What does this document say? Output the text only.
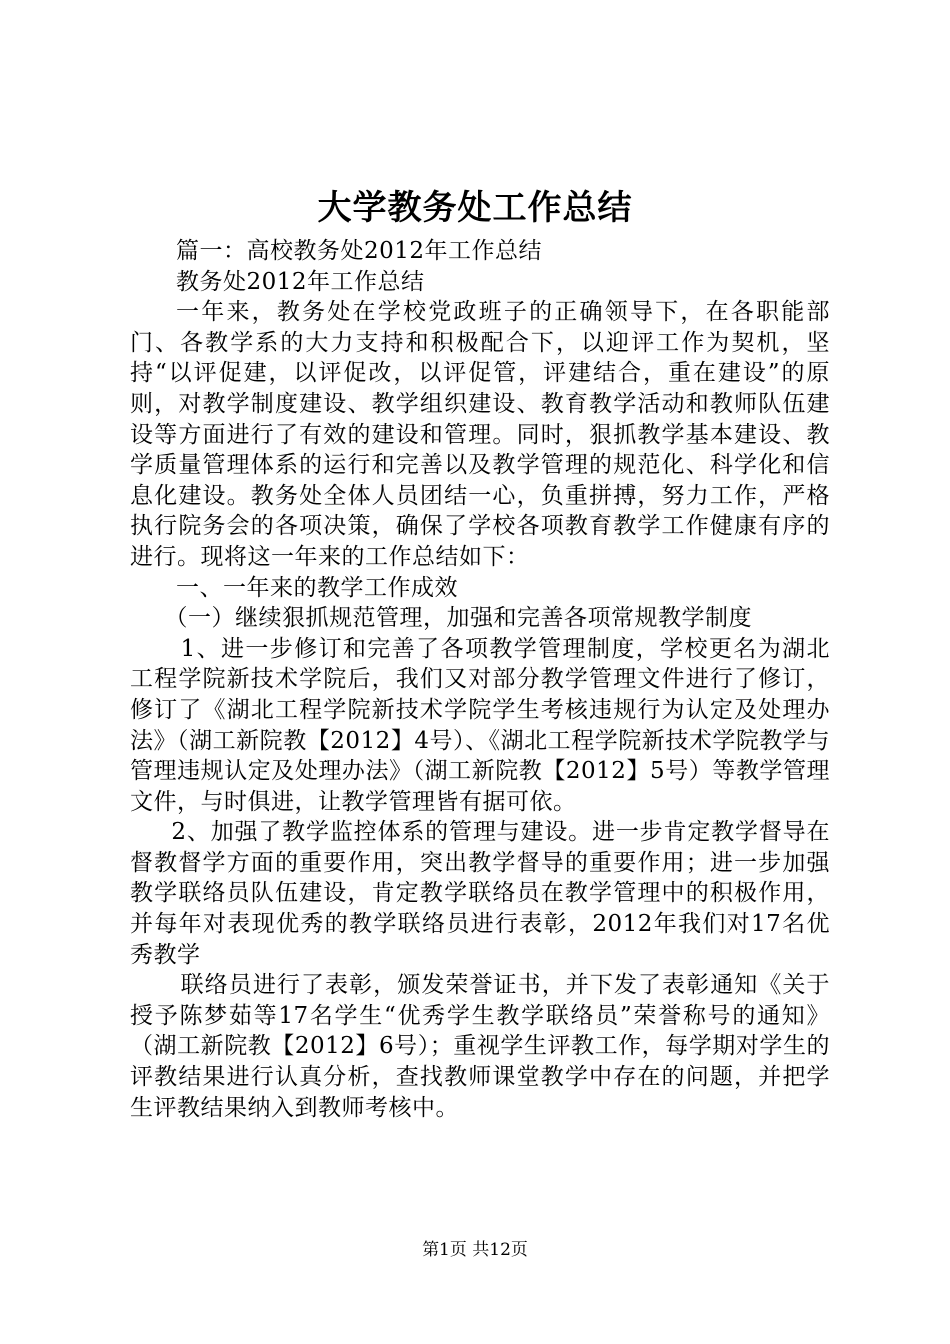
大学教务处工作总结

篇一：高校教务处2012年工作总结

教务处2012年工作总结

一年来，教务处在学校党政班子的正确领导下，在各职能部门、各教学系的大力支持和积极配合下，以迎评工作为契机，坚持“以评促建，以评促改，以评促管，评建结合，重在建设”的原则，对教学制度建设、教学组织建设、教育教学活动和教师队伍建设等方面进行了有效的建设和管理。同时，狠抓教学基本建设、教学质量管理体系的运行和完善以及教学管理的规范化、科学化和信息化建设。教务处全体人员团结一心，负重拼搏，努力工作，严格执行院务会的各项决策，确保了学校各项教育教学工作健康有序的进行。现将这一年来的工作总结如下：

一、一年来的教学工作成效

（一）继续狠抓规范管理，加强和完善各项常规教学制度

1、进一步修订和完善了各项教学管理制度，学校更名为湖北工程学院新技术学院后，我们又对部分教学管理文件进行了修订，修订了《湖北工程学院新技术学院学生考核违规行为认定及处理办法》（湖工新院教【2012】4号）、《湖北工程学院新技术学院教学与管理违规认定及处理办法》（湖工新院教【2012】5号）等教学管理文件，与时俱进，让教学管理皆有据可依。

2、加强了教学监控体系的管理与建设。进一步肯定教学督导在督教督学方面的重要作用，突出教学督导的重要作用；进一步加强教学联络员队伍建设，肯定教学联络员在教学管理中的积极作用，并每年对表现优秀的教学联络员进行表彰，2012年我们对17名优秀教学

联络员进行了表彰，颁发荣誉证书，并下发了表彰通知《关于授予陈梦茹等17名学生“优秀学生教学联络员”荣誉称号的通知》（湖工新院教【2012】6号）；重视学生评教工作，每学期对学生的评教结果进行认真分析，查找教师课堂教学中存在的问题，并把学生评教结果纳入到教师考核中。

第1页 共12页
